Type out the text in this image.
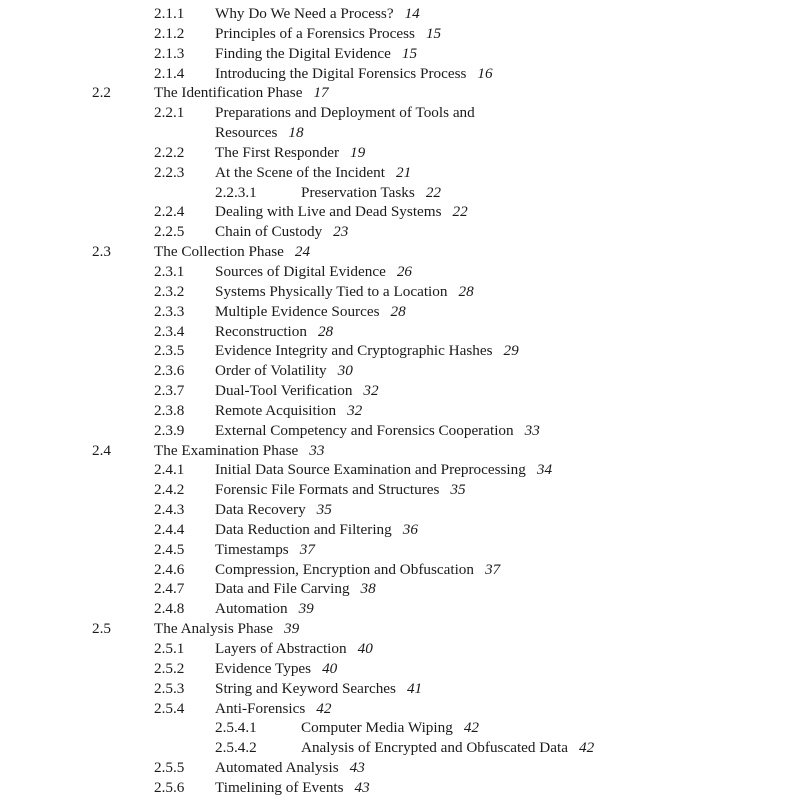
2.1.1 Why Do We Need a Process? 14
2.1.2 Principles of a Forensics Process 15
2.1.3 Finding the Digital Evidence 15
2.1.4 Introducing the Digital Forensics Process 16
2.2	The Identification Phase 17
2.2.1 Preparations and Deployment of Tools and Resources 18
2.2.2 The First Responder 19
2.2.3 At the Scene of the Incident 21
2.2.3.1	Preservation Tasks 22
2.2.4 Dealing with Live and Dead Systems 22
2.2.5 Chain of Custody 23
2.3	The Collection Phase 24
2.3.1 Sources of Digital Evidence 26
2.3.2 Systems Physically Tied to a Location 28
2.3.3 Multiple Evidence Sources 28
2.3.4 Reconstruction 28
2.3.5 Evidence Integrity and Cryptographic Hashes 29
2.3.6 Order of Volatility 30
2.3.7 Dual-Tool Verification 32
2.3.8 Remote Acquisition 32
2.3.9 External Competency and Forensics Cooperation 33
2.4	The Examination Phase 33
2.4.1 Initial Data Source Examination and Preprocessing 34
2.4.2 Forensic File Formats and Structures 35
2.4.3 Data Recovery 35
2.4.4 Data Reduction and Filtering 36
2.4.5 Timestamps 37
2.4.6 Compression, Encryption and Obfuscation 37
2.4.7 Data and File Carving 38
2.4.8 Automation 39
2.5	The Analysis Phase 39
2.5.1 Layers of Abstraction 40
2.5.2 Evidence Types 40
2.5.3 String and Keyword Searches 41
2.5.4 Anti-Forensics 42
2.5.4.1	Computer Media Wiping 42
2.5.4.2	Analysis of Encrypted and Obfuscated Data 42
2.5.5 Automated Analysis 43
2.5.6 Timelining of Events 43
